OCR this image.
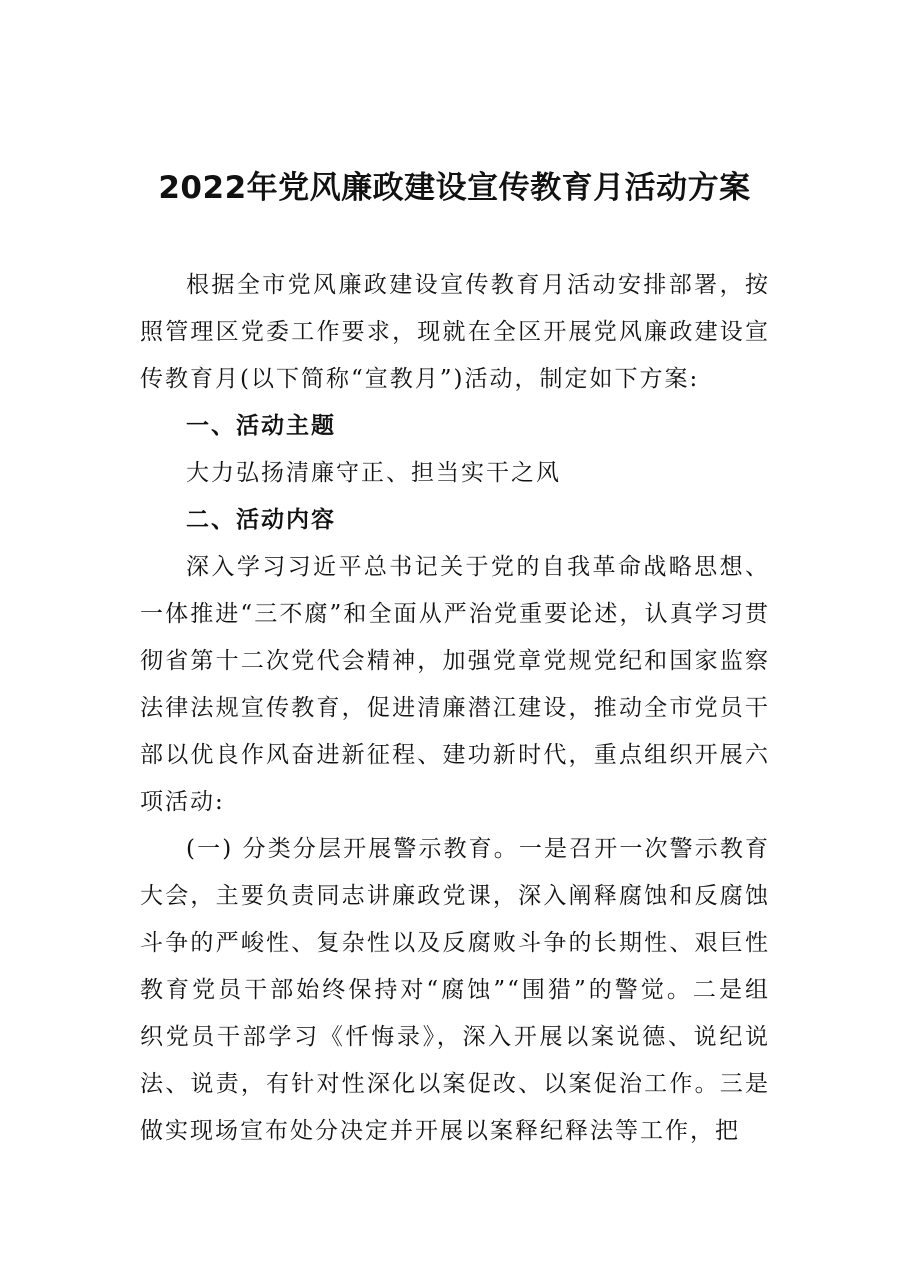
2022年党风廉政建设宣传教育月活动方案

根据全市党风廉政建设宣传教育月活动安排部署，按照管理区党委工作要求，现就在全区开展党风廉政建设宣传教育月(以下简称“宣教月”)活动，制定如下方案:

一、活动主题

大力弘扬清廉守正、担当实干之风

二、活动内容

深入学习习近平总书记关于党的自我革命战略思想、一体推进“三不腐”和全面从严治党重要论述，认真学习贯彻省第十二次党代会精神，加强党章党规党纪和国家监察法律法规宣传教育，促进清廉潜江建设，推动全市党员干部以优良作风奋进新征程、建功新时代，重点组织开展六项活动:

(一) 分类分层开展警示教育。一是召开一次警示教育大会，主要负责同志讲廉政党课，深入阐释腐蚀和反腐蚀斗争的严峻性、复杂性以及反腐败斗争的长期性、艰巨性教育党员干部始终保持对“腐蚀”“围猎”的警觉。二是组织党员干部学习《忏悔录》，深入开展以案说德、说纪说法、说责，有针对性深化以案促改、以案促治工作。三是做实现场宣布处分决定并开展以案释纪释法等工作，把
